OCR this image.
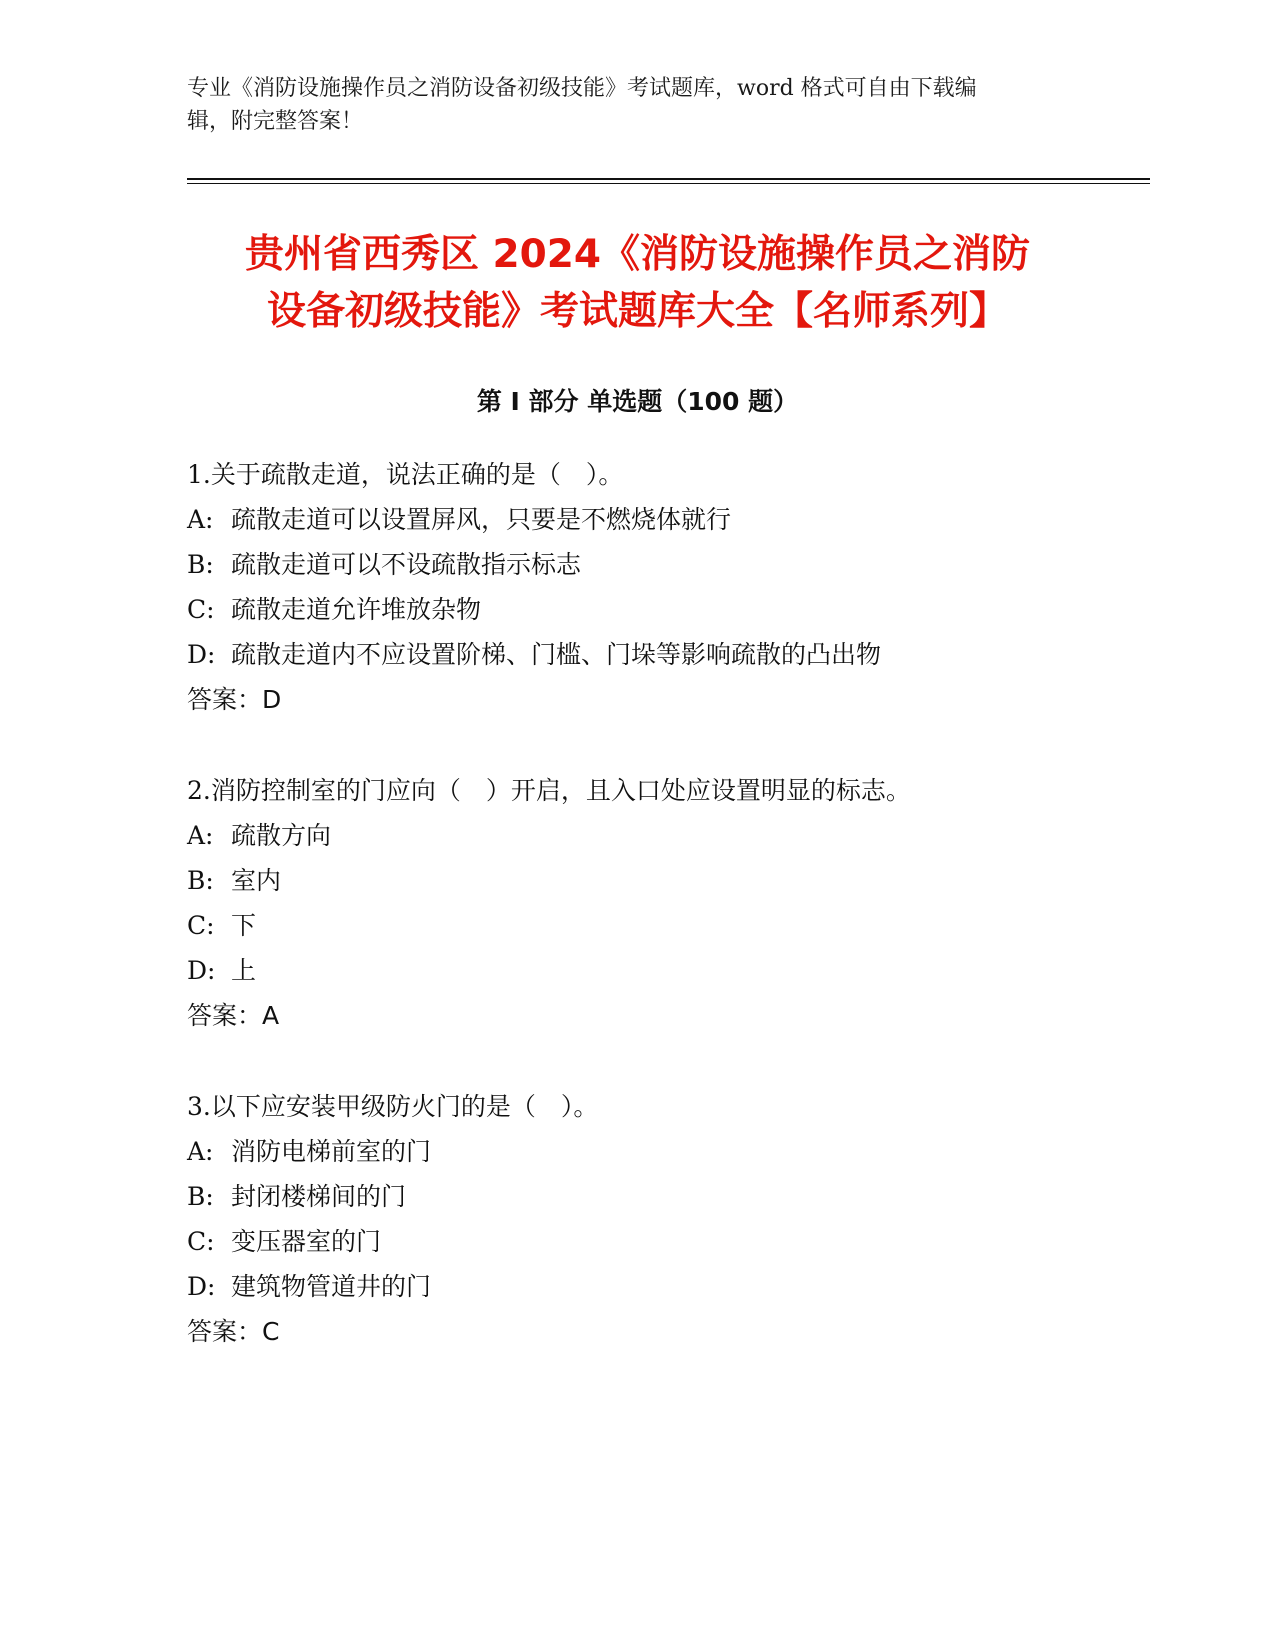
专业《消防设施操作员之消防设备初级技能》考试题库，word 格式可自由下载编
辑，附完整答案！
贵州省西秀区 2024《消防设施操作员之消防
设备初级技能》考试题库大全【名师系列】
第 I 部分 单选题（100 题）
1.关于疏散走道，说法正确的是（　）。
A: 疏散走道可以设置屏风，只要是不燃烧体就行
B: 疏散走道可以不设疏散指示标志
C: 疏散走道允许堆放杂物
D: 疏散走道内不应设置阶梯、门槛、门垛等影响疏散的凸出物
答案：D
2.消防控制室的门应向（　）开启，且入口处应设置明显的标志。
A: 疏散方向
B: 室内
C: 下
D: 上
答案：A
3.以下应安装甲级防火门的是（　）。
A: 消防电梯前室的门
B: 封闭楼梯间的门
C: 变压器室的门
D: 建筑物管道井的门
答案：C
